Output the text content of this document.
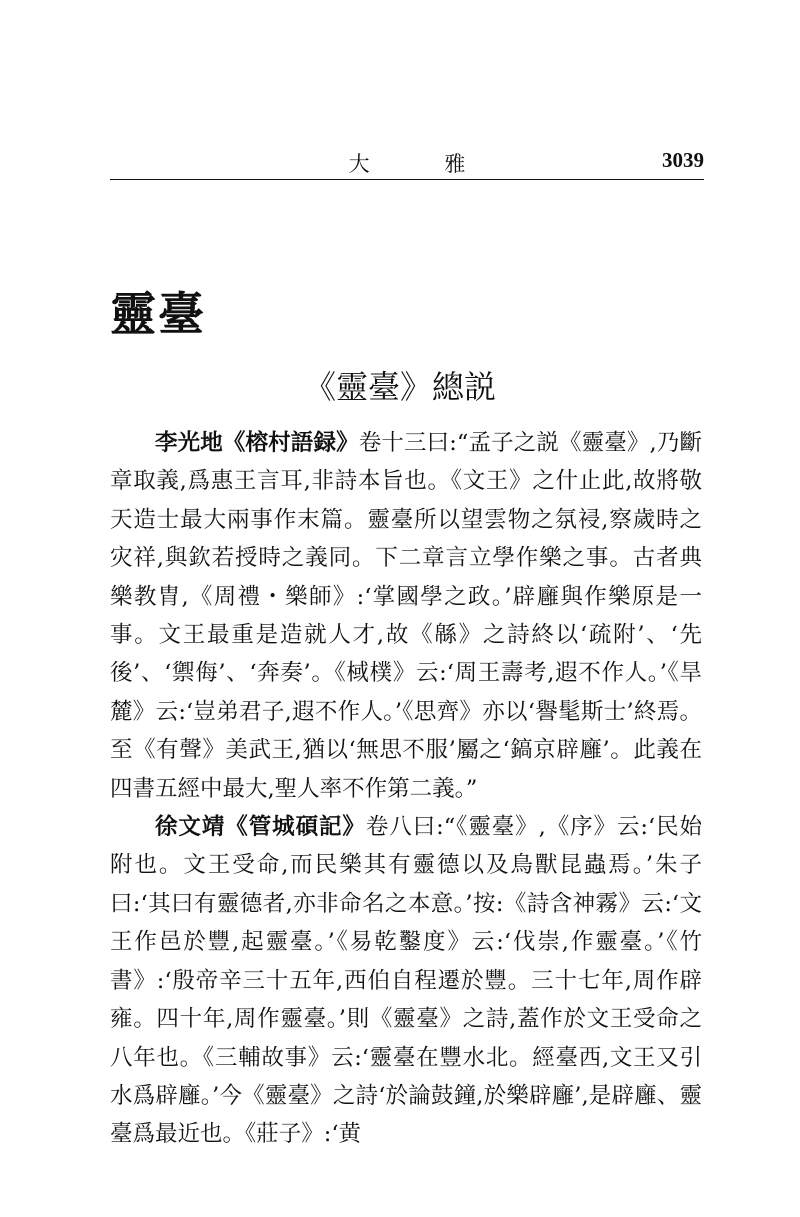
大 雅	3039
靈臺
《靈臺》總説

李光地《榕村語録》卷十三曰:“孟子之説《靈臺》,乃斷章取義,爲惠王言耳,非詩本旨也。《文王》之什止此,故將敬天造士最大兩事作末篇。靈臺所以望雲物之氛祲,察歲時之灾祥,與欽若授時之義同。下二章言立學作樂之事。古者典樂教胄,《周禮・樂師》:‘掌國學之政。’辟廱與作樂原是一事。文王最重是造就人才,故《緜》之詩終以‘疏附’、‘先後’、‘禦侮’、‘奔奏’。《棫樸》云:‘周王壽考,遐不作人。’《旱麓》云:‘豈弟君子,遐不作人。’《思齊》亦以‘譽髦斯士’終焉。至《有聲》美武王,猶以‘無思不服’屬之‘鎬京辟廱’。此義在四書五經中最大,聖人率不作第二義。”

徐文靖《管城碩記》卷八曰:“《靈臺》,《序》云:‘民始附也。文王受命,而民樂其有靈德以及鳥獸昆蟲焉。’朱子曰:‘其曰有靈德者,亦非命名之本意。’按:《詩含神霧》云:‘文王作邑於豐,起靈臺。’《易乾鑿度》云:‘伐崇,作靈臺。’《竹書》:‘殷帝辛三十五年,西伯自程遷於豐。三十七年,周作辟雍。四十年,周作靈臺。’則《靈臺》之詩,蓋作於文王受命之八年也。《三輔故事》云:‘靈臺在豐水北。經臺西,文王又引水爲辟廱。’今《靈臺》之詩‘於論鼓鐘,於樂辟廱’,是辟廱、靈臺爲最近也。《莊子》:‘黄
